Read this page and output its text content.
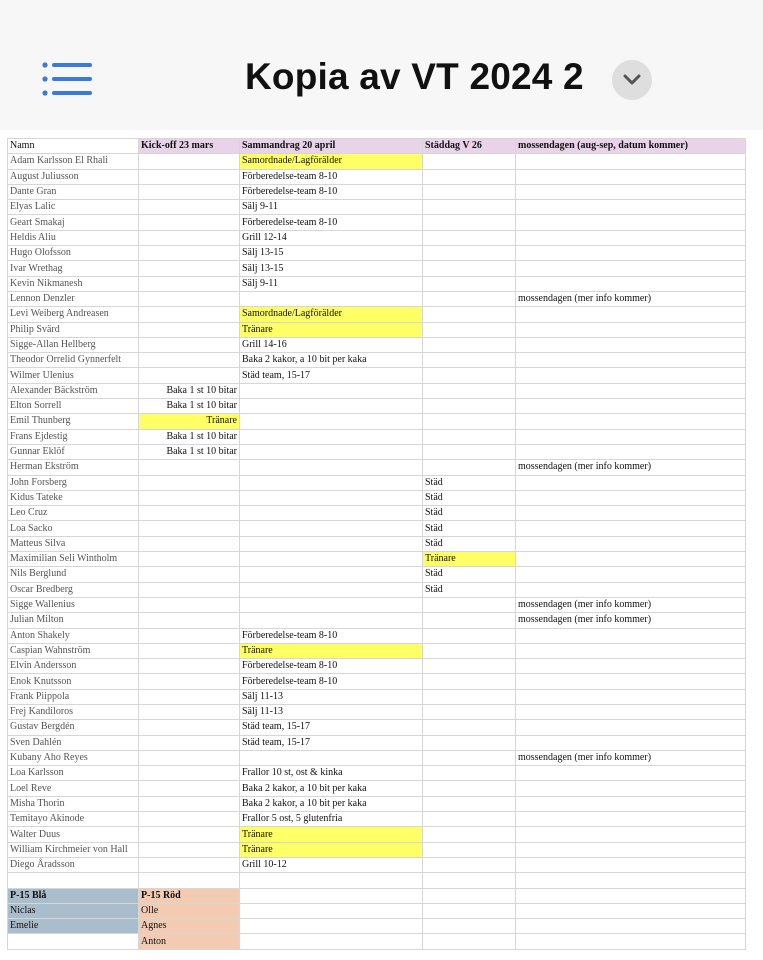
Kopia av VT 2024 2
Namn	Kick-off 23 mars	Sammandrag 20 april	Städdag V 26	mossendagen (aug-sep, datum kommer)
Adam Karlsson El Rhali		Samordnade/Lagförälder		
August Juliusson		Förberedelse-team 8-10		
Dante Gran		Förberedelse-team 8-10		
Elyas Lalic		Sälj 9-11		
Geart Smakaj		Förberedelse-team 8-10		
Heldis Aliu		Grill 12-14		
Hugo Olofsson		Sälj 13-15		
Ivar Wrethag		Sälj 13-15		
Kevin Nikmanesh		Sälj 9-11		
Lennon Denzler				mossendagen (mer info kommer)
Levi Weiberg Andreasen		Samordnade/Lagförälder		
Philip Svärd		Tränare		
Sigge-Allan Hellberg		Grill 14-16		
Theodor Orrelid Gynnerfelt		Baka 2 kakor, a 10 bit per kaka		
Wilmer Ulenius		Städ team, 15-17		
Alexander Bäckström	Baka 1 st 10 bitar			
Elton Sorrell	Baka 1 st 10 bitar			
Emil Thunberg	Tränare			
Frans Ejdestig	Baka 1 st 10 bitar			
Gunnar Eklöf	Baka 1 st 10 bitar			
Herman Ekström				mossendagen (mer info kommer)
John Forsberg			Städ	
Kidus Tateke			Städ	
Leo Cruz			Städ	
Loa Sacko			Städ	
Matteus Silva			Städ	
Maximilian Seli Wintholm			Tränare	
Nils Berglund			Städ	
Oscar Bredberg			Städ	
Sigge Wallenius				mossendagen (mer info kommer)
Julian Milton				mossendagen (mer info kommer)
Anton Shakely		Förberedelse-team 8-10		
Caspian Wahnström		Tränare		
Elvin Andersson		Förberedelse-team 8-10		
Enok Knutsson		Förberedelse-team 8-10		
Frank Piippola		Sälj 11-13		
Frej Kandiloros		Sälj 11-13		
Gustav Bergdén		Städ team, 15-17		
Sven Dahlén		Städ team, 15-17		
Kubany Aho Reyes				mossendagen (mer info kommer)
Loa Karlsson		Frallor 10 st, ost & kinka		
Loel Reve		Baka 2 kakor, a 10 bit per kaka		
Misha Thorin		Baka 2 kakor, a 10 bit per kaka		
Temitayo Akinode		Frallor 5 ost, 5 glutenfria		
Walter Duus		Tränare		
William Kirchmeier von Hall		Tränare		
Diego Åradsson		Grill 10-12		

P-15 Blå	P-15 Röd			
Niclas	Olle			
Emelie	Agnes			
	Anton			
